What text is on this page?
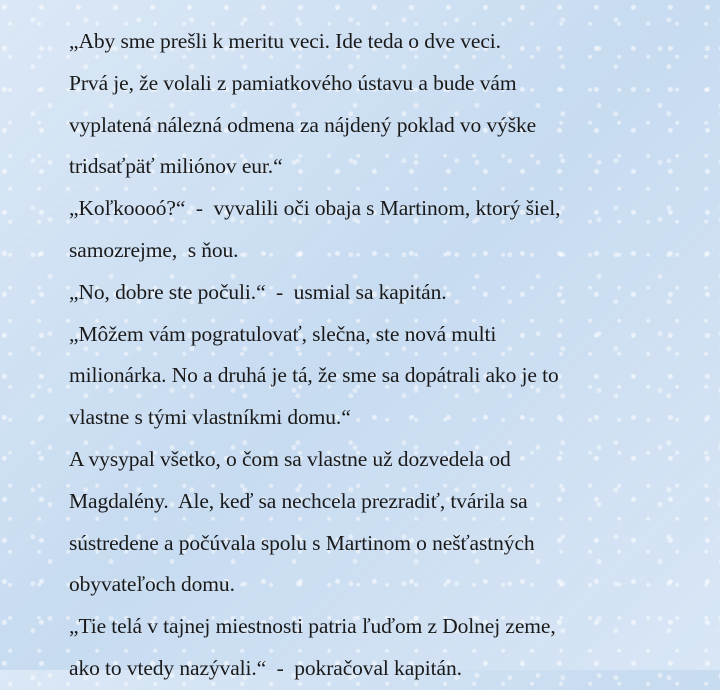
„Aby sme prešli k meritu veci. Ide teda o dve veci.
Prvá je, že volali z pamiatkového ústavu a bude vám
vyplatená nálezná odmena za nájdený poklad vo výške
tridsaťpäť miliónov eur.“
„Koľkoooó?“  -  vyvalili oči obaja s Martinom, ktorý šiel,
samozrejme,  s ňou.
„No, dobre ste počuli.“  -  usmial sa kapitán.
„Môžem vám pogratulovať, slečna, ste nová multi
milionárka. No a druhá je tá, že sme sa dopátrali ako je to
vlastne s tými vlastníkmi domu.“
A vysypal všetko, o čom sa vlastne už dozvedela od
Magdalény.  Ale, keď sa nechcela prezradiť, tvárila sa
sústredene a počúvala spolu s Martinom o nešťastných
obyvateľoch domu.
„Tie telá v tajnej miestnosti patria ľuďom z Dolnej zeme,
ako to vtedy nazývali.“  -  pokračoval kapitán.
